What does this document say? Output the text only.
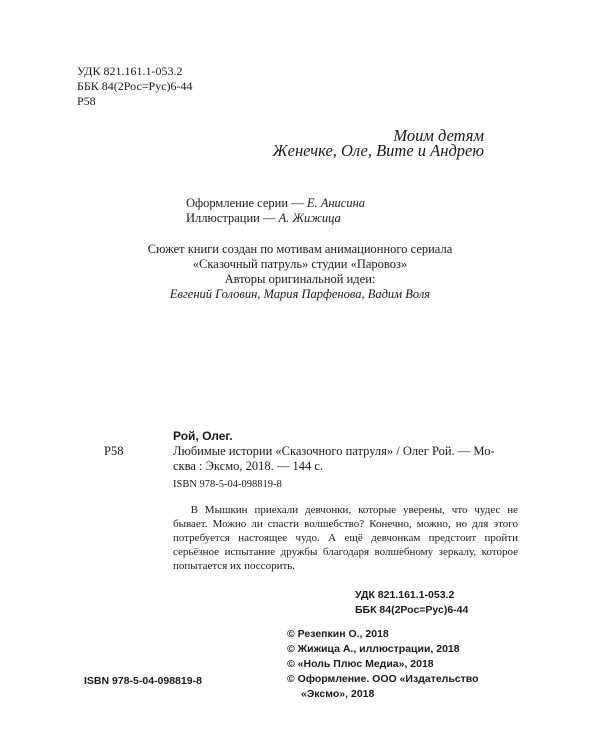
УДК 821.161.1-053.2
ББК 84(2Рос=Рус)6-44
Р58
Моим детям
Женечке, Оле, Вите и Андрею
Оформление серии — Е. Анисина
Иллюстрации — А. Жижица
Сюжет книги создан по мотивам анимационного сериала
«Сказочный патруль» студии «Паровоз»
Авторы оригинальной идеи:
Евгений Головин, Мария Парфенова, Вадим Воля
Рой, Олег.
Р58	Любимые истории «Сказочного патруля» / Олег Рой. — Мо-
сква : Эксмо, 2018. — 144 с.
ISBN 978-5-04-098819-8
В Мышкин приехали девчонки, которые уверены, что чудес не бывает. Можно ли спасти волшебство? Конечно, можно, но для этого потребуется настоящее чудо. А ещё девчонкам предстоит пройти серьёзное испытание дружбы благодаря волшебному зеркалу, которое попытается их поссорить.
УДК 821.161.1-053.2
ББК 84(2Рос=Рус)6-44
© Резепкин О., 2018
© Жижица А., иллюстрации, 2018
© «Ноль Плюс Медиа», 2018
© Оформление. ООО «Издательство
«Эксмо», 2018
ISBN 978-5-04-098819-8
